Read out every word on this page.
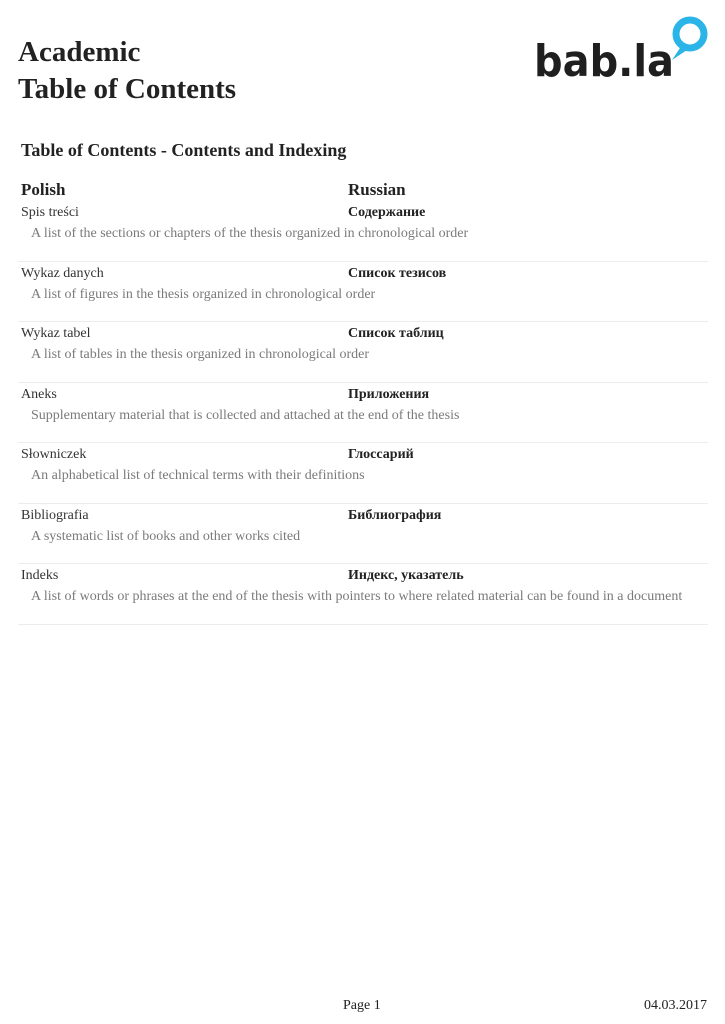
Academic
Table of Contents
bab.la
Table of Contents - Contents and Indexing
Polish	Russian
Spis treści	Содержание
A list of the sections or chapters of the thesis organized in chronological order
Wykaz danych	Список тезисов
A list of figures in the thesis organized in chronological order
Wykaz tabel	Список таблиц
A list of tables in the thesis organized in chronological order
Aneks	Приложения
Supplementary material that is collected and attached at the end of the thesis
Słowniczek	Глоссарий
An alphabetical list of technical terms with their definitions
Bibliografia	Библиография
A systematic list of books and other works cited
Indeks	Индекс, указатель
A list of words or phrases at the end of the thesis with pointers to where related material can be found in a document
Page 1	04.03.2017
